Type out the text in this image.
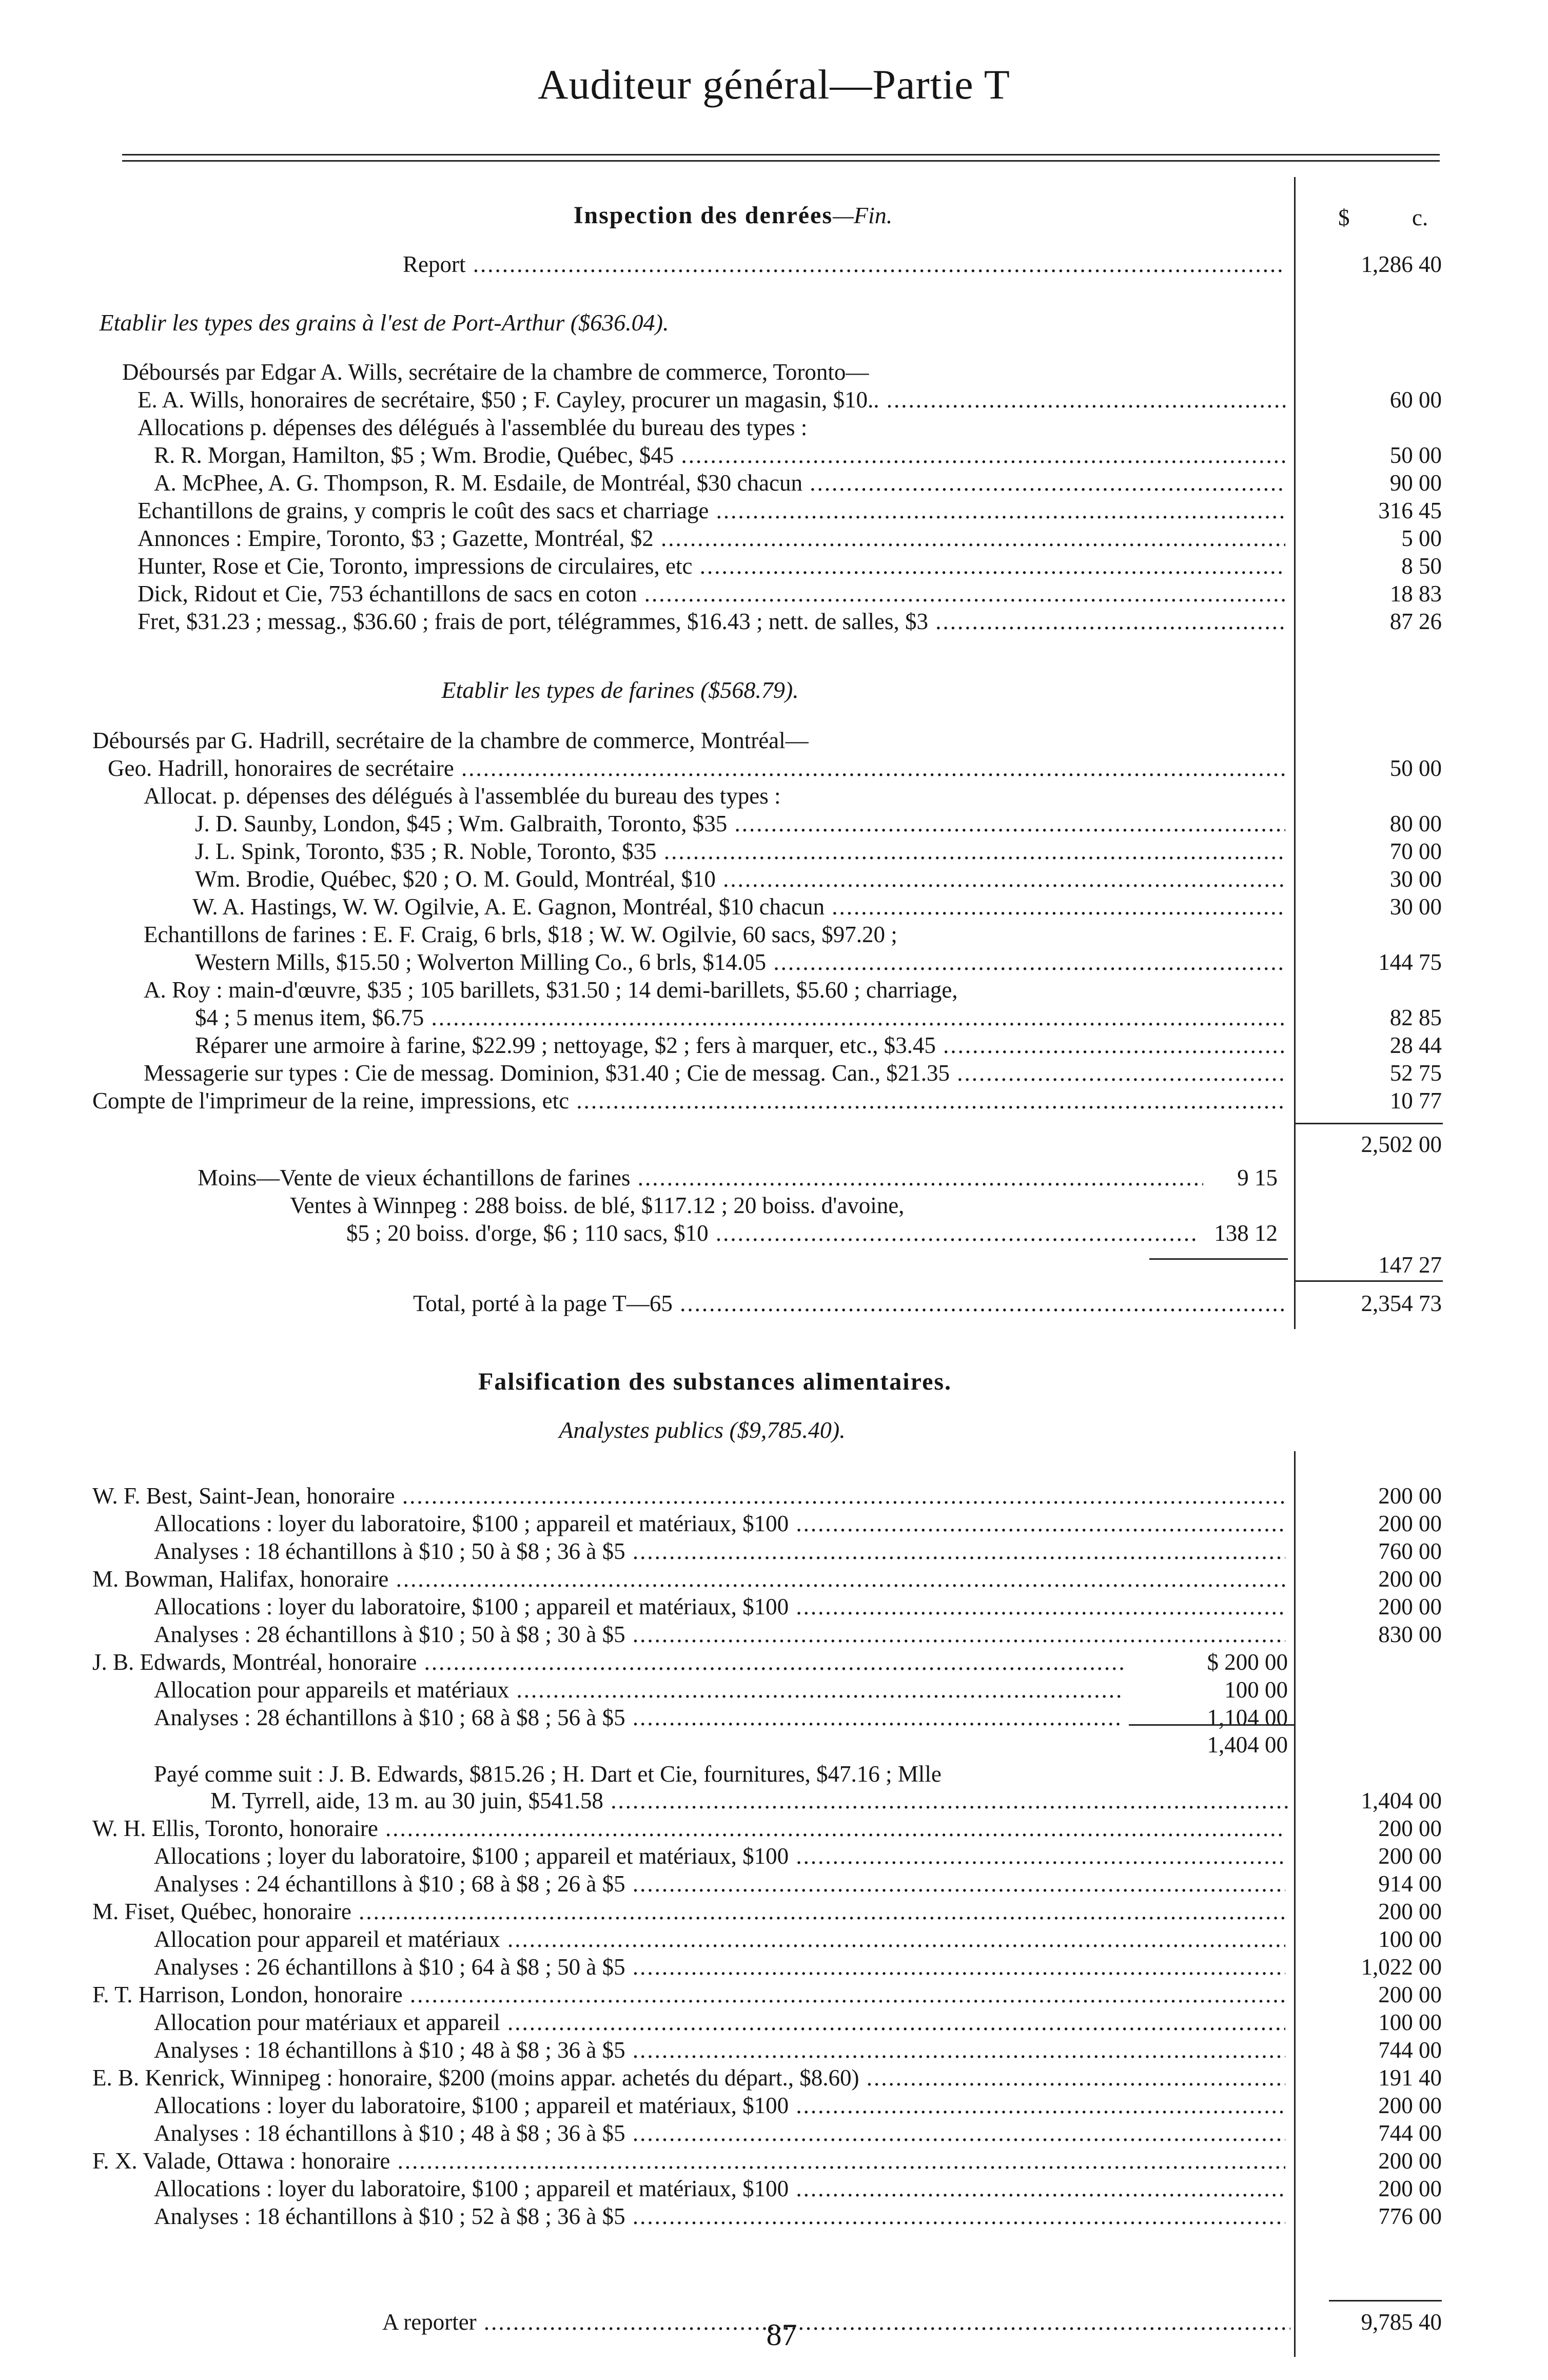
Auditeur général—Partie T
$	c.
Inspection des denrées—Fin.
Report .....	1,286 40
Etablir les types des grains à l'est de Port-Arthur ($636.04).
Déboursés par Edgar A. Wills, secrétaire de la chambre de commerce, Toronto—
E. A. Wills, honoraires de secrétaire, $50 ; F. Cayley, procurer un magasin, $10.. .....	60 00
Allocations p. dépenses des délégués à l'assemblée du bureau des types :
R. R. Morgan, Hamilton, $5 ; Wm. Brodie, Québec, $45 .....	50 00
A. McPhee, A. G. Thompson, R. M. Esdaile, de Montréal, $30 chacun .....	90 00
Echantillons de grains, y compris le coût des sacs et charriage .....	316 45
Annonces : Empire, Toronto, $3 ; Gazette, Montréal, $2 .....	5 00
Hunter, Rose et Cie, Toronto, impressions de circulaires, etc .....	8 50
Dick, Ridout et Cie, 753 échantillons de sacs en coton .....	18 83
Fret, $31.23 ; messag., $36.60 ; frais de port, télégrammes, $16.43 ; nett. de salles, $3 .....	87 26
Etablir les types de farines ($568.79).
Déboursés par G. Hadrill, secrétaire de la chambre de commerce, Montréal—
Geo. Hadrill, honoraires de secrétaire .....	50 00
Allocat. p. dépenses des délégués à l'assemblée du bureau des types :
J. D. Saunby, London, $45 ; Wm. Galbraith, Toronto, $35 .....	80 00
J. L. Spink, Toronto, $35 ; R. Noble, Toronto, $35 .....	70 00
Wm. Brodie, Québec, $20 ; O. M. Gould, Montréal, $10 .....	30 00
W. A. Hastings, W. W. Ogilvie, A. E. Gagnon, Montréal, $10 chacun .....	30 00
Echantillons de farines : E. F. Craig, 6 brls, $18 ; W. W. Ogilvie, 60 sacs, $97.20 ;
Western Mills, $15.50 ; Wolverton Milling Co., 6 brls, $14.05 .....	144 75
A. Roy : main-d'œuvre, $35 ; 105 barillets, $31.50 ; 14 demi-barillets, $5.60 ; charriage,
$4 ; 5 menus item, $6.75 .....	82 85
Réparer une armoire à farine, $22.99 ; nettoyage, $2 ; fers à marquer, etc., $3.45 .....	28 44
Messagerie sur types : Cie de messag. Dominion, $31.40 ; Cie de messag. Can., $21.35 .....	52 75
Compte de l'imprimeur de la reine, impressions, etc .....	10 77
2,502 00
Moins—Vente de vieux échantillons de farines .....	9 15
Ventes à Winnpeg : 288 boiss. de blé, $117.12 ; 20 boiss. d'avoine,
$5 ; 20 boiss. d'orge, $6 ; 110 sacs, $10 .....	138 12
147 27
Total, porté à la page T—65 .....	2,354 73
Falsification des substances alimentaires.
Analystes publics ($9,785.40).
W. F. Best, Saint-Jean, honoraire .....	200 00
Allocations : loyer du laboratoire, $100 ; appareil et matériaux, $100 .....	200 00
Analyses : 18 échantillons à $10 ; 50 à $8 ; 36 à $5 .....	760 00
M. Bowman, Halifax, honoraire .....	200 00
Allocations : loyer du laboratoire, $100 ; appareil et matériaux, $100 .....	200 00
Analyses : 28 échantillons à $10 ; 50 à $8 ; 30 à $5 .....	830 00
J. B. Edwards, Montréal, honoraire .....	$ 200 00
Allocation pour appareils et matériaux .....	100 00
Analyses : 28 échantillons à $10 ; 68 à $8 ; 56 à $5 .....	1,104 00
1,404 00
Payé comme suit : J. B. Edwards, $815.26 ; H. Dart et Cie, fournitures, $47.16 ; Mlle
M. Tyrrell, aide, 13 m. au 30 juin, $541.58 .....	1,404 00
W. H. Ellis, Toronto, honoraire .....	200 00
Allocations ; loyer du laboratoire, $100 ; appareil et matériaux, $100 .....	200 00
Analyses : 24 échantillons à $10 ; 68 à $8 ; 26 à $5 .....	914 00
M. Fiset, Québec, honoraire .....	200 00
Allocation pour appareil et matériaux .....	100 00
Analyses : 26 échantillons à $10 ; 64 à $8 ; 50 à $5 .....	1,022 00
F. T. Harrison, London, honoraire .....	200 00
Allocation pour matériaux et appareil .....	100 00
Analyses : 18 échantillons à $10 ; 48 à $8 ; 36 à $5 .....	744 00
E. B. Kenrick, Winnipeg : honoraire, $200 (moins appar. achetés du départ., $8.60) .....	191 40
Allocations : loyer du laboratoire, $100 ; appareil et matériaux, $100 .....	200 00
Analyses : 18 échantillons à $10 ; 48 à $8 ; 36 à $5 .....	744 00
F. X. Valade, Ottawa : honoraire .....	200 00
Allocations : loyer du laboratoire, $100 ; appareil et matériaux, $100 .....	200 00
Analyses : 18 échantillons à $10 ; 52 à $8 ; 36 à $5 .....	776 00
A reporter .....	9,785 40
87
